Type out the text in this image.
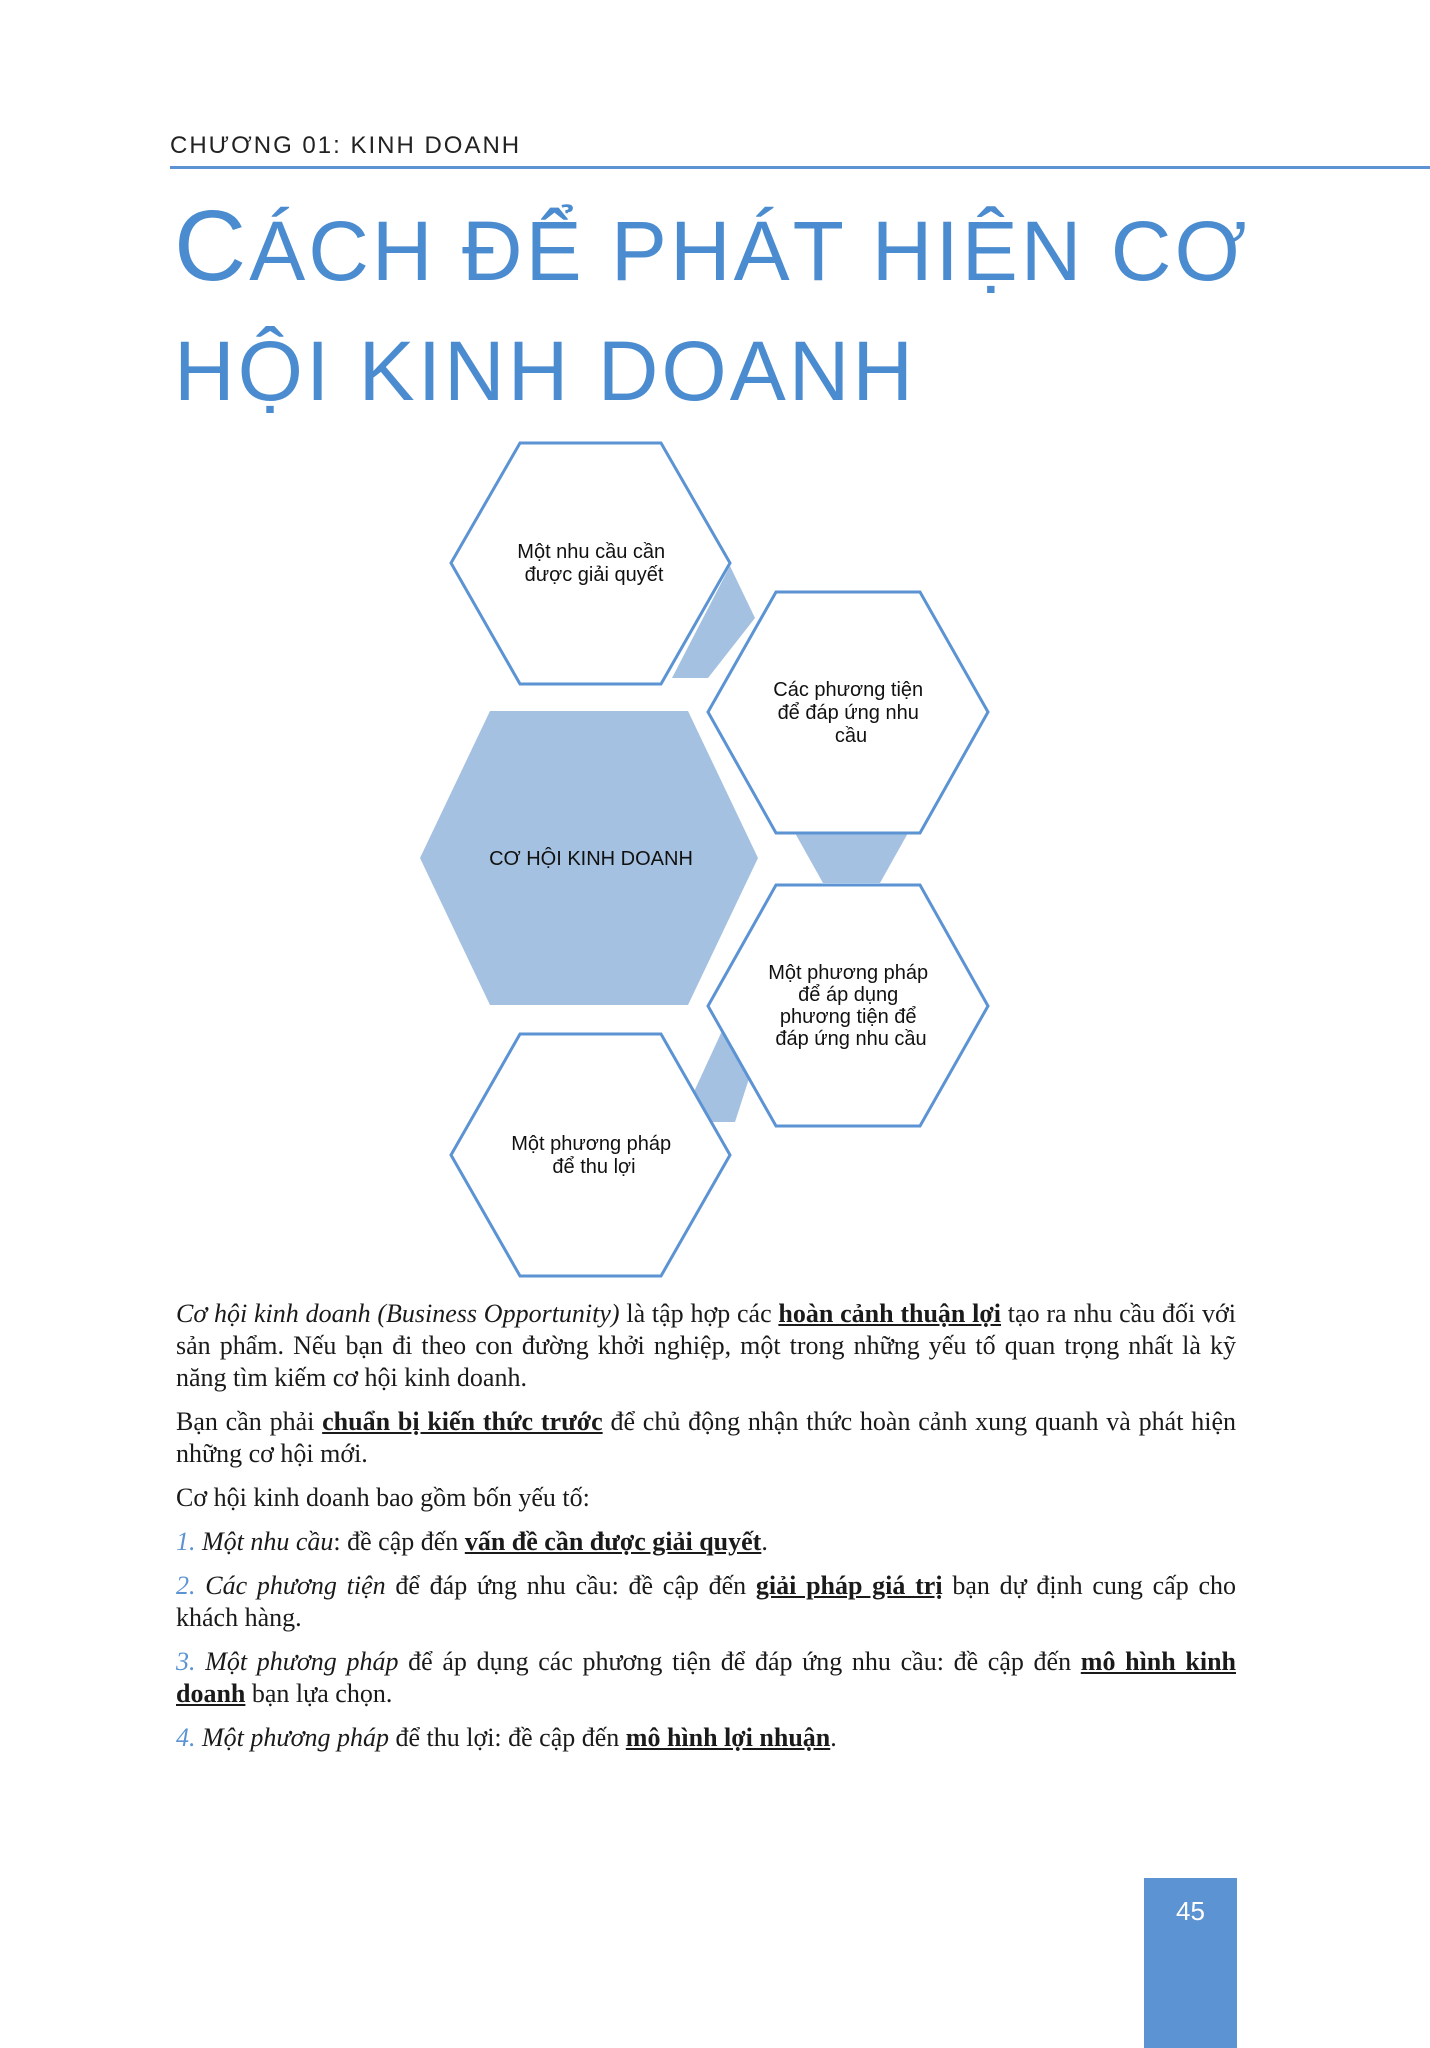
CHƯƠNG 01: KINH DOANH
CÁCH ĐỂ PHÁT HIỆN CƠ
HỘI KINH DOANH
CƠ HỘI KINH DOANH
Một nhu cầu cần được giải quyết
Các phương tiện để đáp ứng nhu cầu
Một phương pháp để áp dụng phương tiện để đáp ứng nhu cầu
Một phương pháp để thu lợi

Cơ hội kinh doanh (Business Opportunity) là tập hợp các hoàn cảnh thuận lợi tạo ra nhu cầu đối với sản phẩm. Nếu bạn đi theo con đường khởi nghiệp, một trong những yếu tố quan trọng nhất là kỹ năng tìm kiếm cơ hội kinh doanh.

Bạn cần phải chuẩn bị kiến thức trước để chủ động nhận thức hoàn cảnh xung quanh và phát hiện những cơ hội mới.

Cơ hội kinh doanh bao gồm bốn yếu tố:

1. Một nhu cầu: đề cập đến vấn đề cần được giải quyết.

2. Các phương tiện để đáp ứng nhu cầu: đề cập đến giải pháp giá trị bạn dự định cung cấp cho khách hàng.

3. Một phương pháp để áp dụng các phương tiện để đáp ứng nhu cầu: đề cập đến mô hình kinh doanh bạn lựa chọn.

4. Một phương pháp để thu lợi: đề cập đến mô hình lợi nhuận.

45
